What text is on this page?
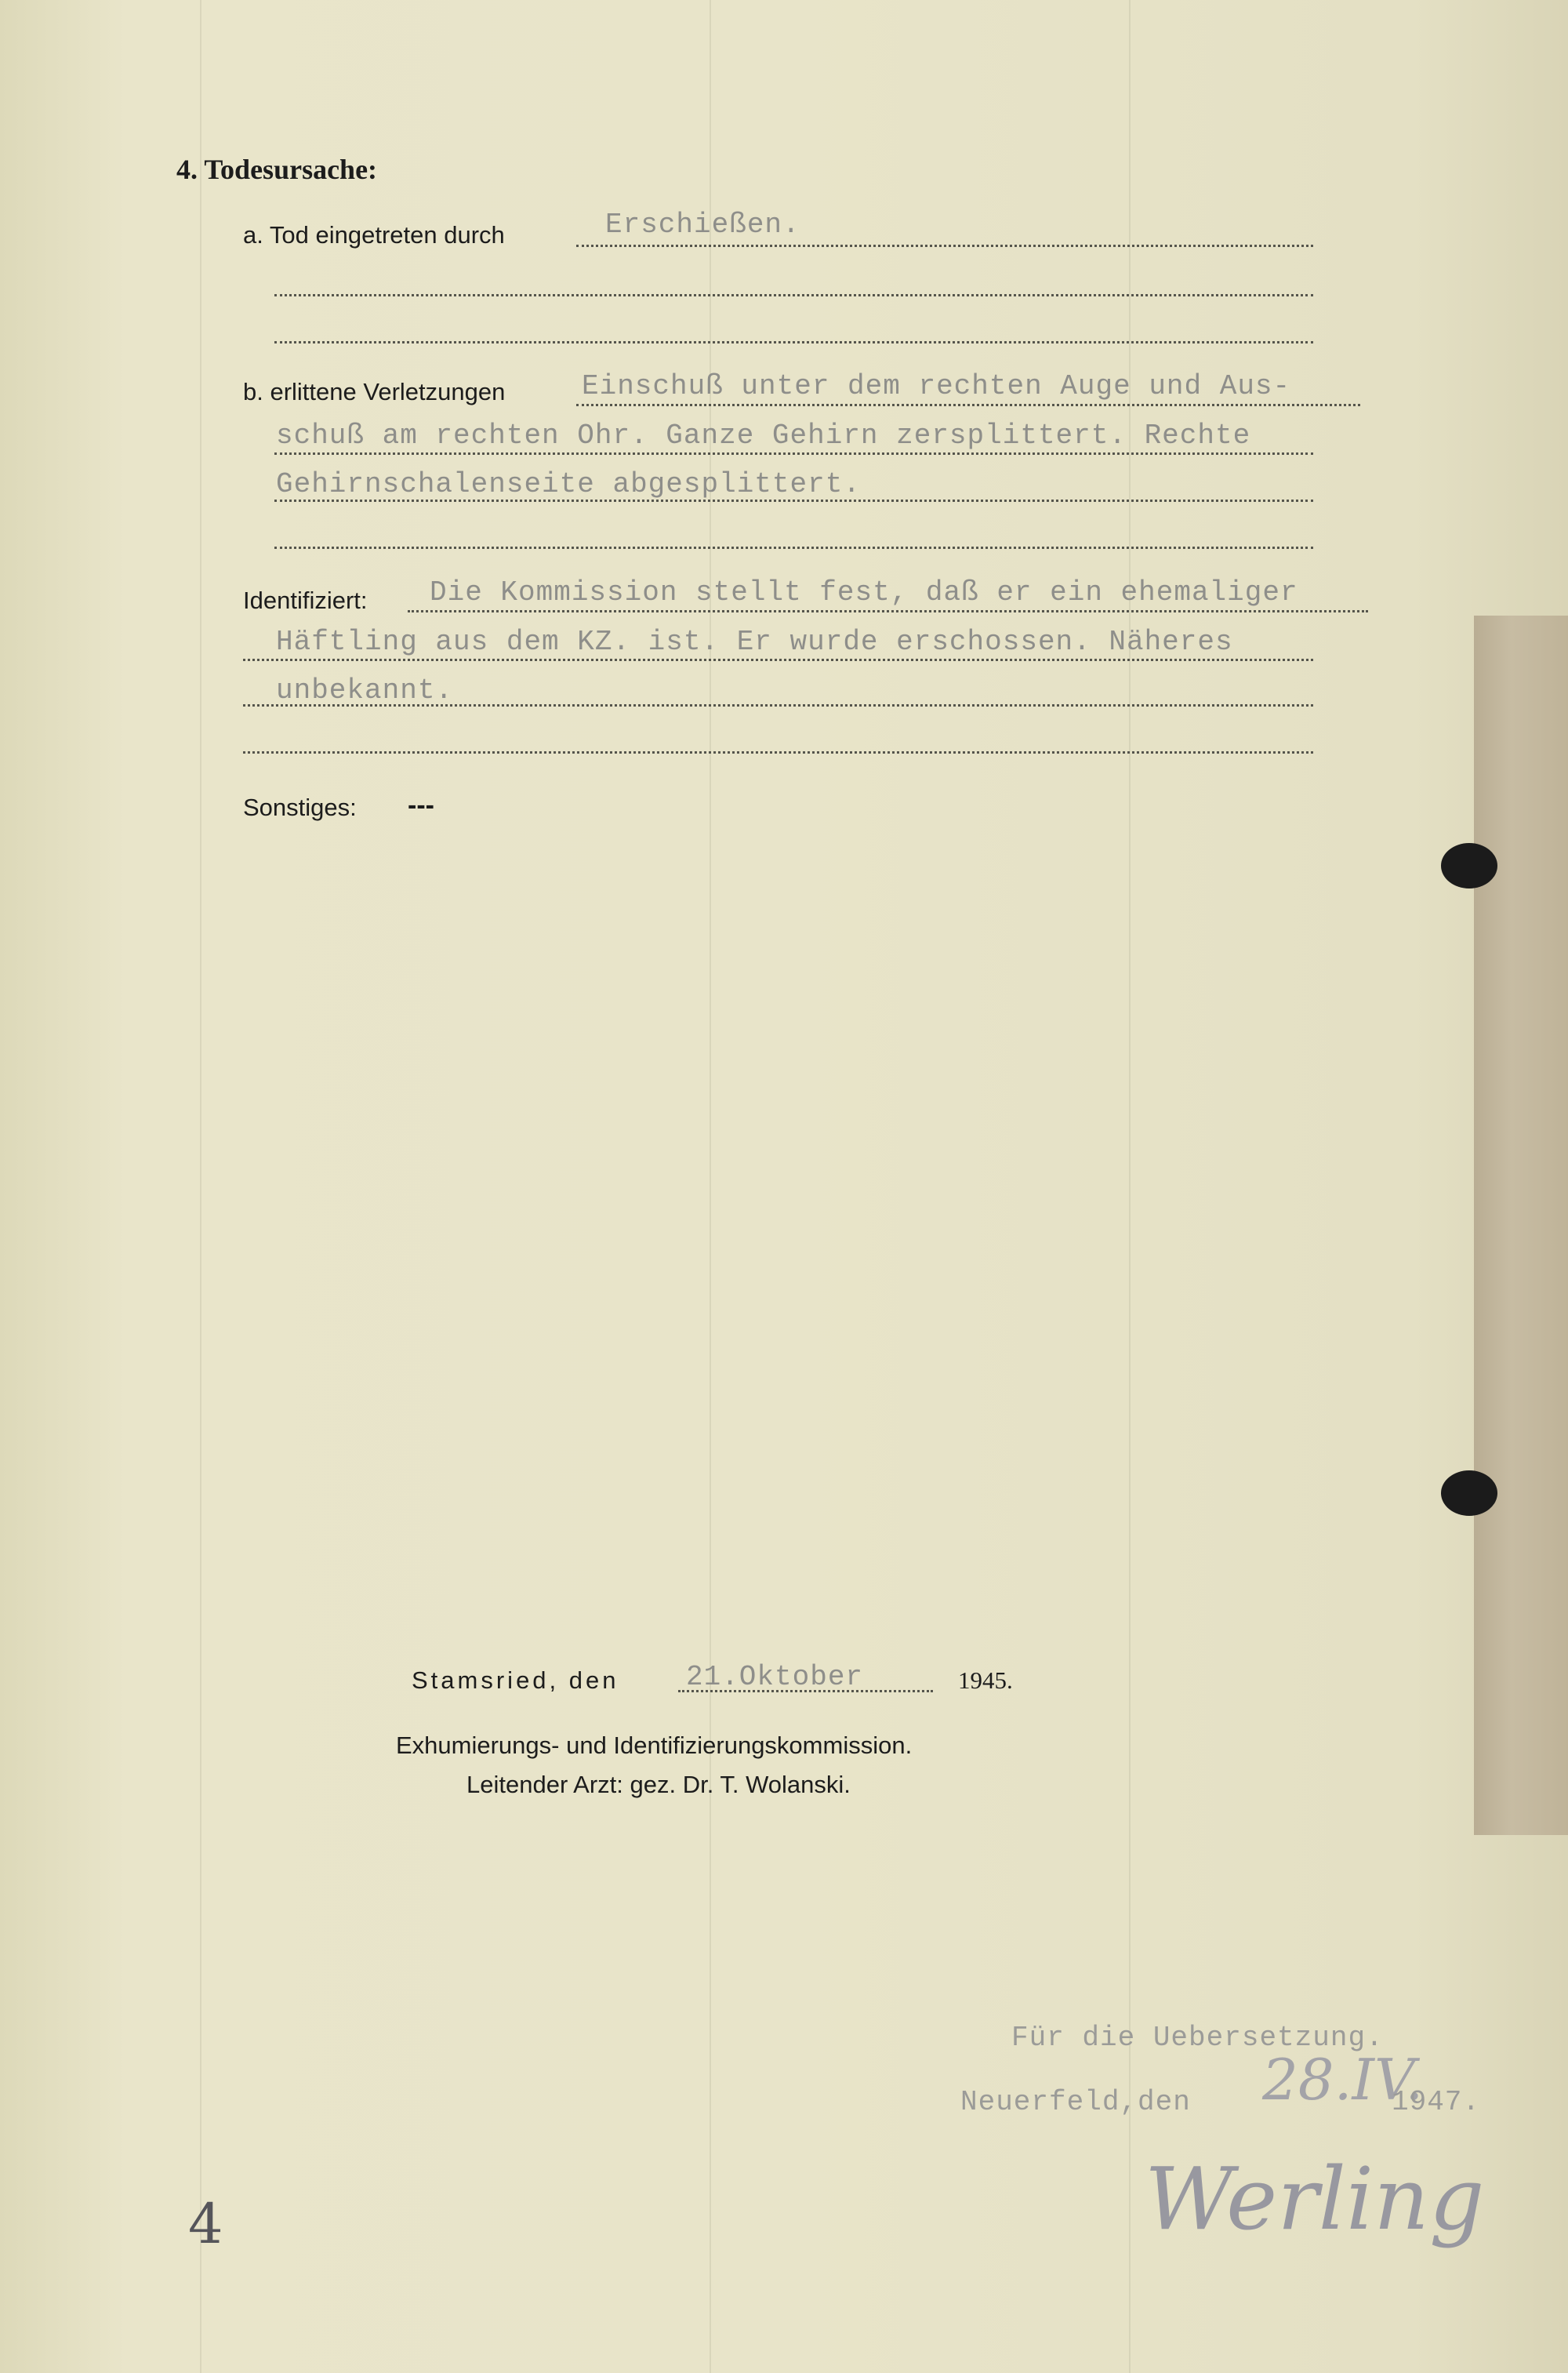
4. Todesursache:
a. Tod eingetreten durch	Erschießen.
b. erlittene Verletzungen	Einschuß unter dem rechten Auge und Aus-
schuß am rechten Ohr. Ganze Gehirn zersplittert. Rechte
Gehirnschalenseite abgesplittert.
Identifiziert: Die Kommission stellt fest, daß er ein ehemaliger
Häftling aus dem KZ. ist. Er wurde erschossen. Näheres
unbekannt.
Sonstiges: ---
Stamsried, den 21.Oktober	1945.
Exhumierungs- und Identifizierungskommission.
Leitender Arzt: gez. Dr. T. Wolanski.
Für die Uebersetzung.
Neuerfeld,den 28.IV.
1947.
Werling
4
